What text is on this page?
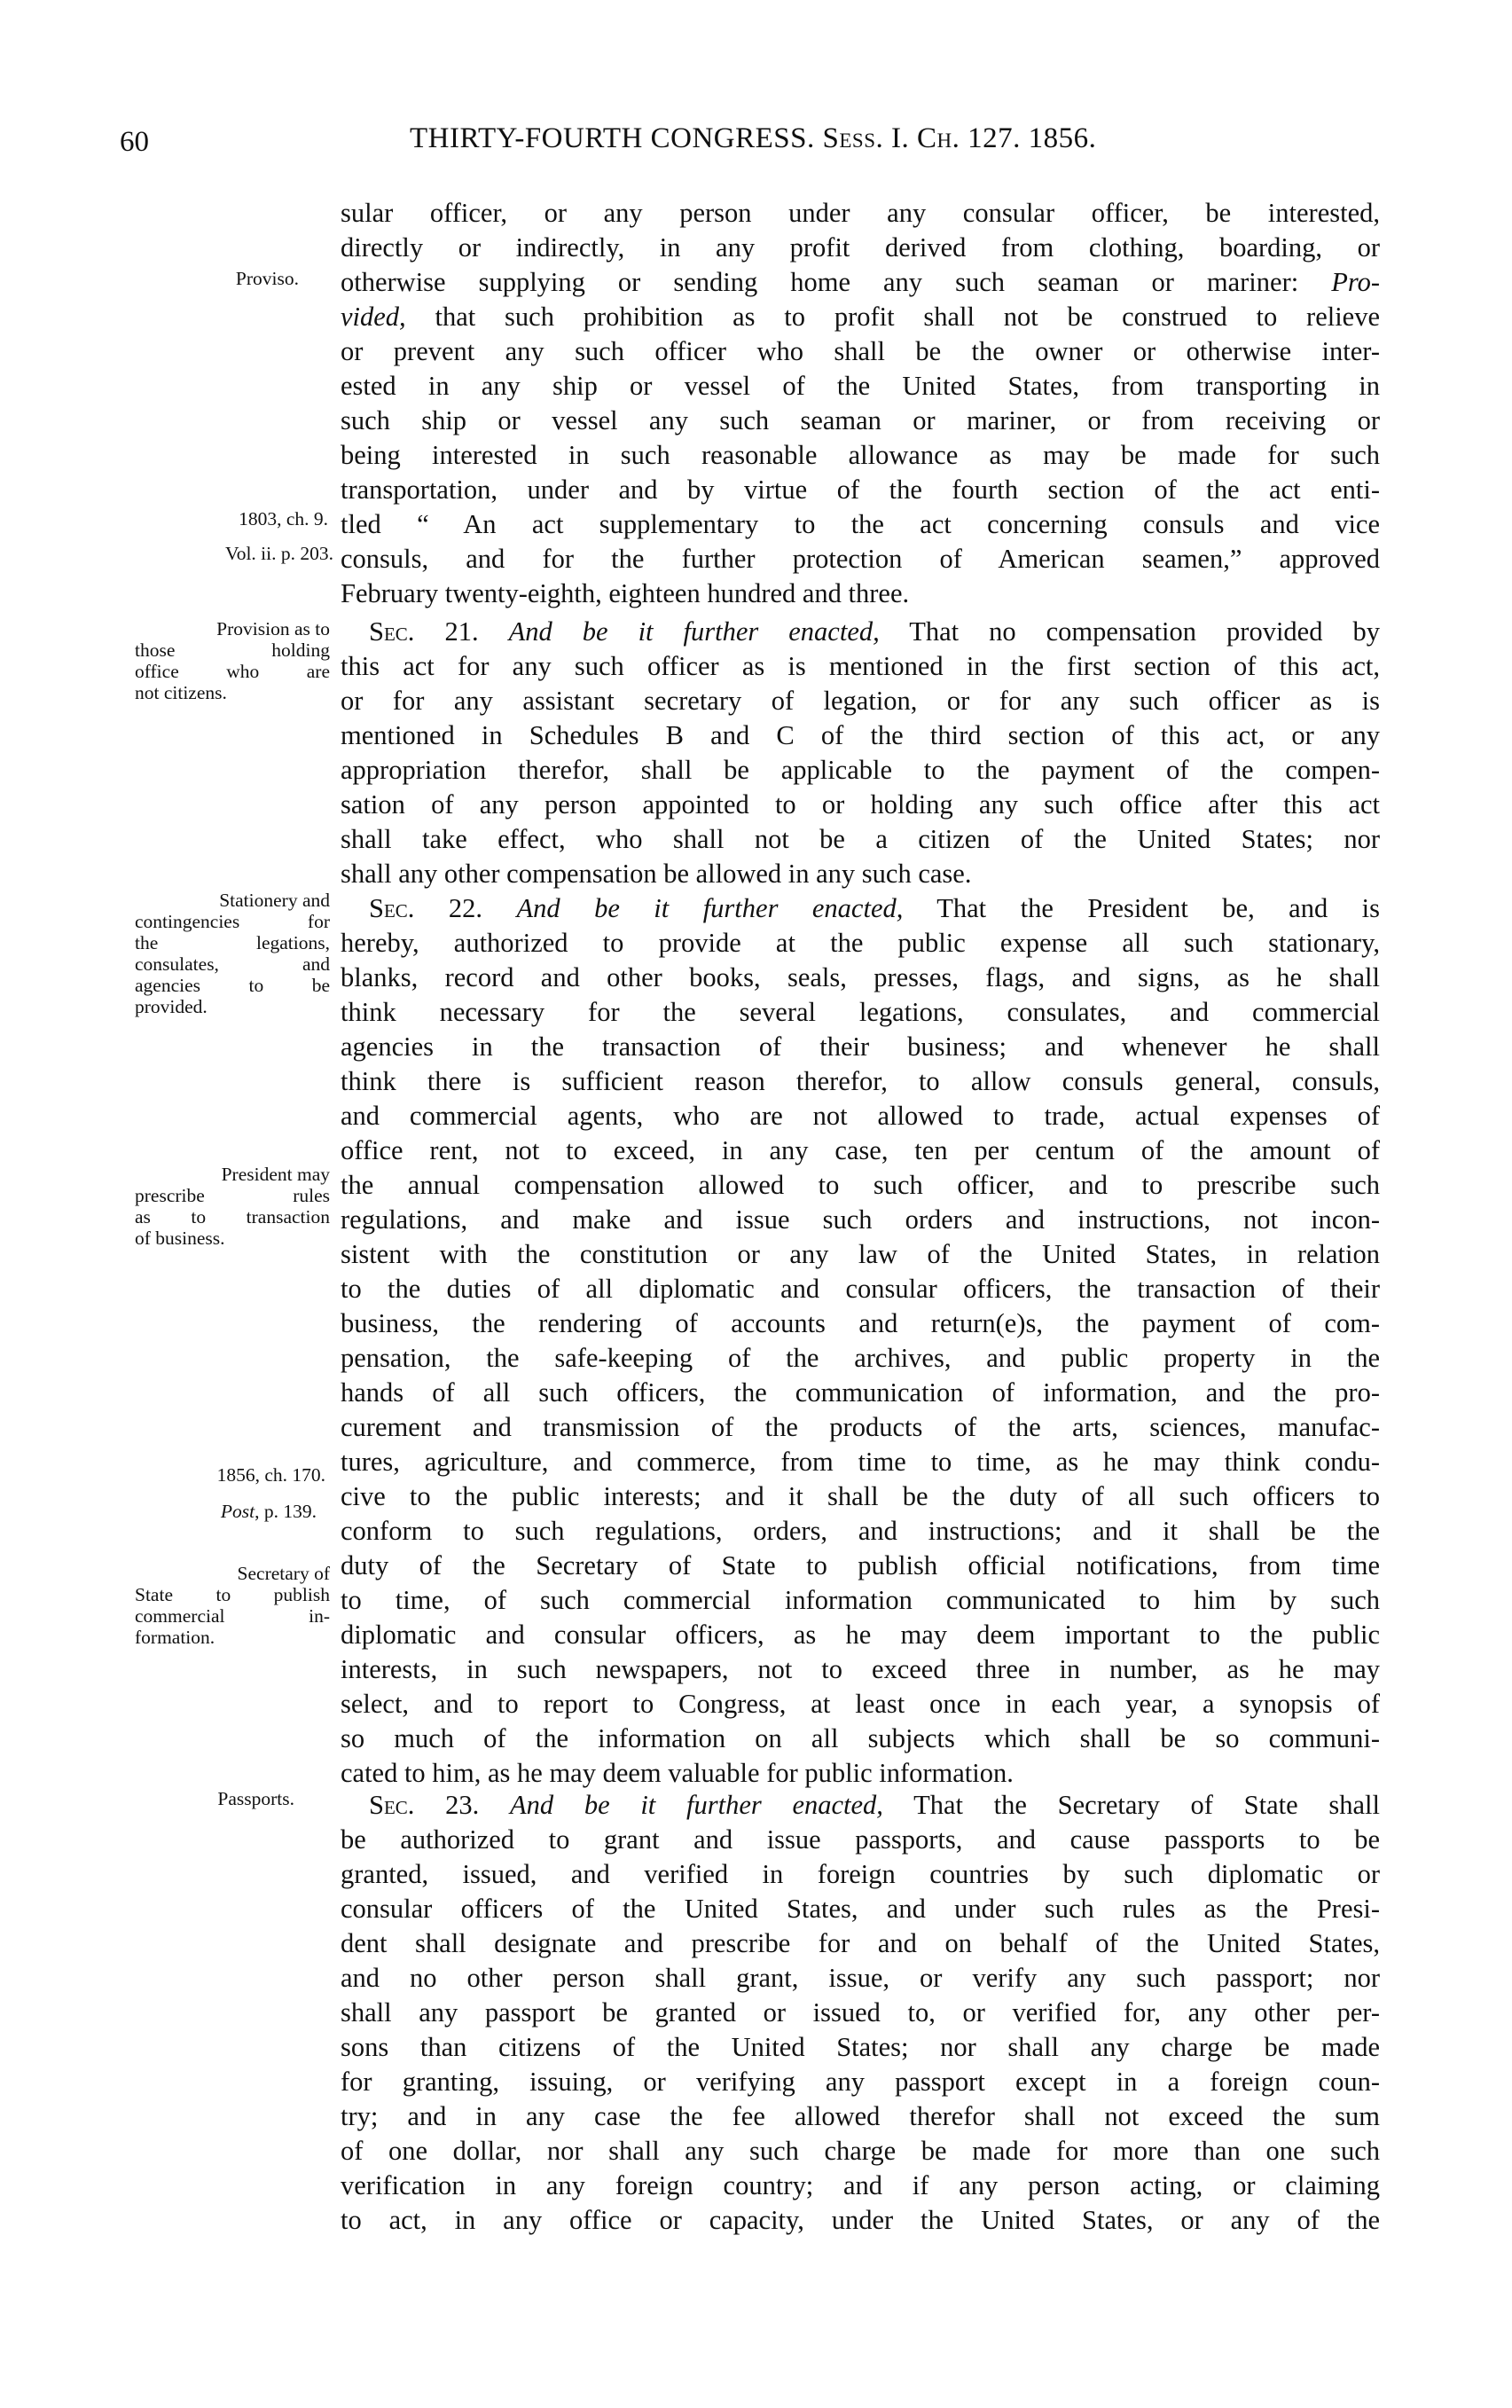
60	THIRTY-FOURTH CONGRESS. Sess. I. Ch. 127. 1856.
Proviso.
1803, ch. 9.
Vol. ii. p. 203.
Provision as to
those holding
office who are
not citizens.
Stationery and
contingencies for
the legations,
consulates, and
agencies to be
provided.
President may
prescribe rules
as to transaction
of business.
1856, ch. 170.
Post, p. 139.
Secretary of
State to publish
commercial in-
formation.
Passports.
sular officer, or any person under any consular officer, be interested,
directly or indirectly, in any profit derived from clothing, boarding, or
otherwise supplying or sending home any such seaman or mariner: Pro-
vided, that such prohibition as to profit shall not be construed to relieve
or prevent any such officer who shall be the owner or otherwise inter-
ested in any ship or vessel of the United States, from transporting in
such ship or vessel any such seaman or mariner, or from receiving or
being interested in such reasonable allowance as may be made for such
transportation, under and by virtue of the fourth section of the act enti-
tled “ An act supplementary to the act concerning consuls and vice
consuls, and for the further protection of American seamen,” approved
February twenty-eighth, eighteen hundred and three.
Sec. 21. And be it further enacted, That no compensation provided by
this act for any such officer as is mentioned in the first section of this act,
or for any assistant secretary of legation, or for any such officer as is
mentioned in Schedules B and C of the third section of this act, or any
appropriation therefor, shall be applicable to the payment of the compen-
sation of any person appointed to or holding any such office after this act
shall take effect, who shall not be a citizen of the United States; nor
shall any other compensation be allowed in any such case.
Sec. 22. And be it further enacted, That the President be, and is
hereby, authorized to provide at the public expense all such stationary,
blanks, record and other books, seals, presses, flags, and signs, as he shall
think necessary for the several legations, consulates, and commercial
agencies in the transaction of their business; and whenever he shall
think there is sufficient reason therefor, to allow consuls general, consuls,
and commercial agents, who are not allowed to trade, actual expenses of
office rent, not to exceed, in any case, ten per centum of the amount of
the annual compensation allowed to such officer, and to prescribe such
regulations, and make and issue such orders and instructions, not incon-
sistent with the constitution or any law of the United States, in relation
to the duties of all diplomatic and consular officers, the transaction of their
business, the rendering of accounts and return(e)s, the payment of com-
pensation, the safe-keeping of the archives, and public property in the
hands of all such officers, the communication of information, and the pro-
curement and transmission of the products of the arts, sciences, manufac-
tures, agriculture, and commerce, from time to time, as he may think condu-
cive to the public interests; and it shall be the duty of all such officers to
conform to such regulations, orders, and instructions; and it shall be the
duty of the Secretary of State to publish official notifications, from time
to time, of such commercial information communicated to him by such
diplomatic and consular officers, as he may deem important to the public
interests, in such newspapers, not to exceed three in number, as he may
select, and to report to Congress, at least once in each year, a synopsis of
so much of the information on all subjects which shall be so communi-
cated to him, as he may deem valuable for public information.
Sec. 23. And be it further enacted, That the Secretary of State shall
be authorized to grant and issue passports, and cause passports to be
granted, issued, and verified in foreign countries by such diplomatic or
consular officers of the United States, and under such rules as the Presi-
dent shall designate and prescribe for and on behalf of the United States,
and no other person shall grant, issue, or verify any such passport; nor
shall any passport be granted or issued to, or verified for, any other per-
sons than citizens of the United States; nor shall any charge be made
for granting, issuing, or verifying any passport except in a foreign coun-
try; and in any case the fee allowed therefor shall not exceed the sum
of one dollar, nor shall any such charge be made for more than one such
verification in any foreign country; and if any person acting, or claiming
to act, in any office or capacity, under the United States, or any of the
